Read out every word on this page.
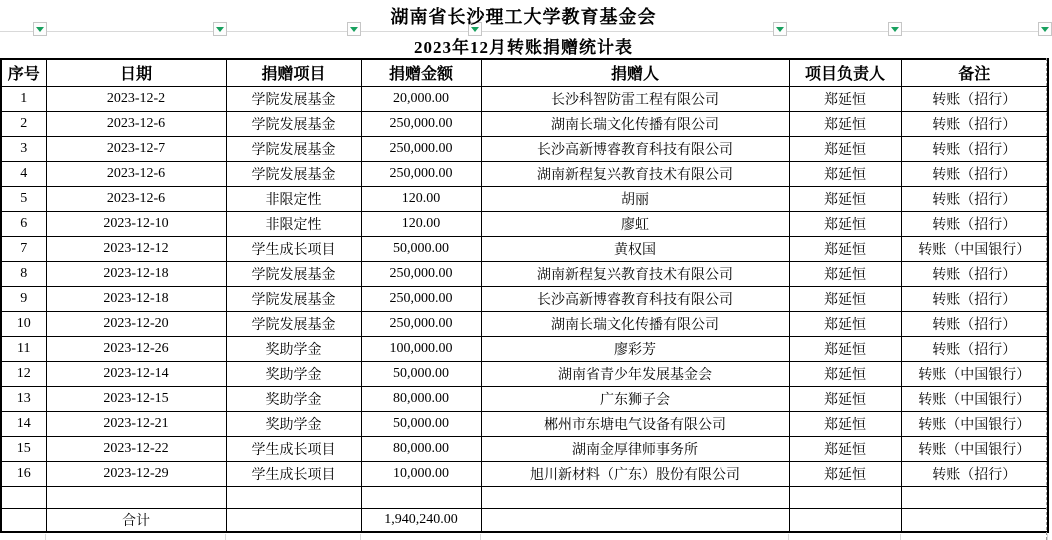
湖南省长沙理工大学教育基金会
2023年12月转账捐赠统计表
序号	日期	捐赠项目	捐赠金额	捐赠人	项目负责人	备注
1	2023-12-2	学院发展基金	20,000.00	长沙科智防雷工程有限公司	郑延恒	转账（招行）
2	2023-12-6	学院发展基金	250,000.00	湖南长瑞文化传播有限公司	郑延恒	转账（招行）
3	2023-12-7	学院发展基金	250,000.00	长沙高新博睿教育科技有限公司	郑延恒	转账（招行）
4	2023-12-6	学院发展基金	250,000.00	湖南新程复兴教育技术有限公司	郑延恒	转账（招行）
5	2023-12-6	非限定性	120.00	胡丽	郑延恒	转账（招行）
6	2023-12-10	非限定性	120.00	廖虹	郑延恒	转账（招行）
7	2023-12-12	学生成长项目	50,000.00	黄权国	郑延恒	转账（中国银行）
8	2023-12-18	学院发展基金	250,000.00	湖南新程复兴教育技术有限公司	郑延恒	转账（招行）
9	2023-12-18	学院发展基金	250,000.00	长沙高新博睿教育科技有限公司	郑延恒	转账（招行）
10	2023-12-20	学院发展基金	250,000.00	湖南长瑞文化传播有限公司	郑延恒	转账（招行）
11	2023-12-26	奖助学金	100,000.00	廖彩芳	郑延恒	转账（招行）
12	2023-12-14	奖助学金	50,000.00	湖南省青少年发展基金会	郑延恒	转账（中国银行）
13	2023-12-15	奖助学金	80,000.00	广东狮子会	郑延恒	转账（中国银行）
14	2023-12-21	奖助学金	50,000.00	郴州市东塘电气设备有限公司	郑延恒	转账（中国银行）
15	2023-12-22	学生成长项目	80,000.00	湖南金厚律师事务所	郑延恒	转账（中国银行）
16	2023-12-29	学生成长项目	10,000.00	旭川新材料（广东）股份有限公司	郑延恒	转账（招行）

	合计		1,940,240.00			
